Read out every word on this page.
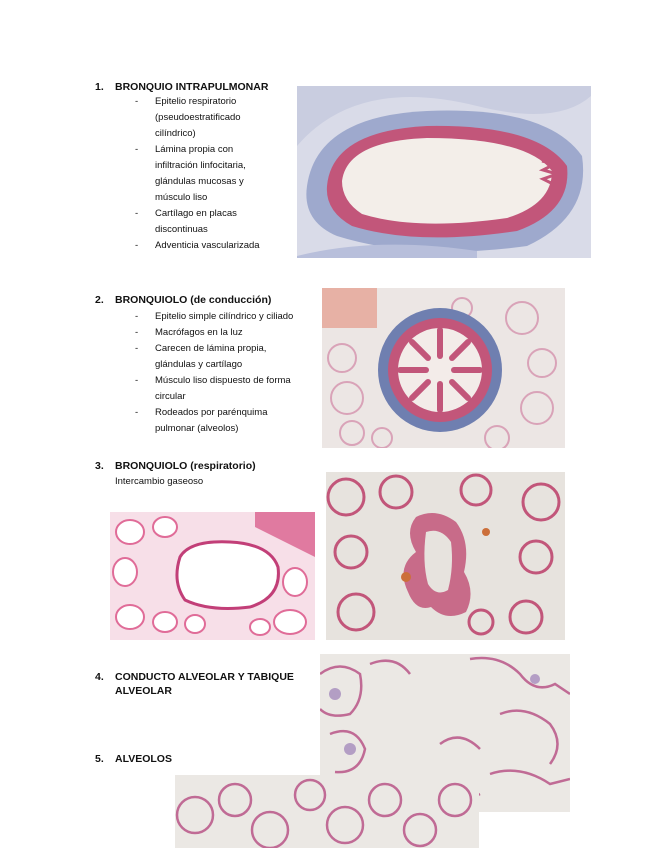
1. BRONQUIO INTRAPULMONAR
- Epitelio respiratorio
(pseudoestratificado
cilíndrico)
- Lámina propia con
infiltración linfocitaria,
glándulas mucosas y
músculo liso
- Cartílago en placas
discontinuas
- Adventicia vascularizada
2. BRONQUIOLO (de conducción)
- Epitelio simple cilíndrico y ciliado
- Macrófagos en la luz
- Carecen de lámina propia,
glándulas y cartílago
- Músculo liso dispuesto de forma
circular
- Rodeados por parénquima
pulmonar (alveolos)
3. BRONQUIOLO (respiratorio)
Intercambio gaseoso
4. CONDUCTO ALVEOLAR Y TABIQUE
ALVEOLAR
5. ALVEOLOS
